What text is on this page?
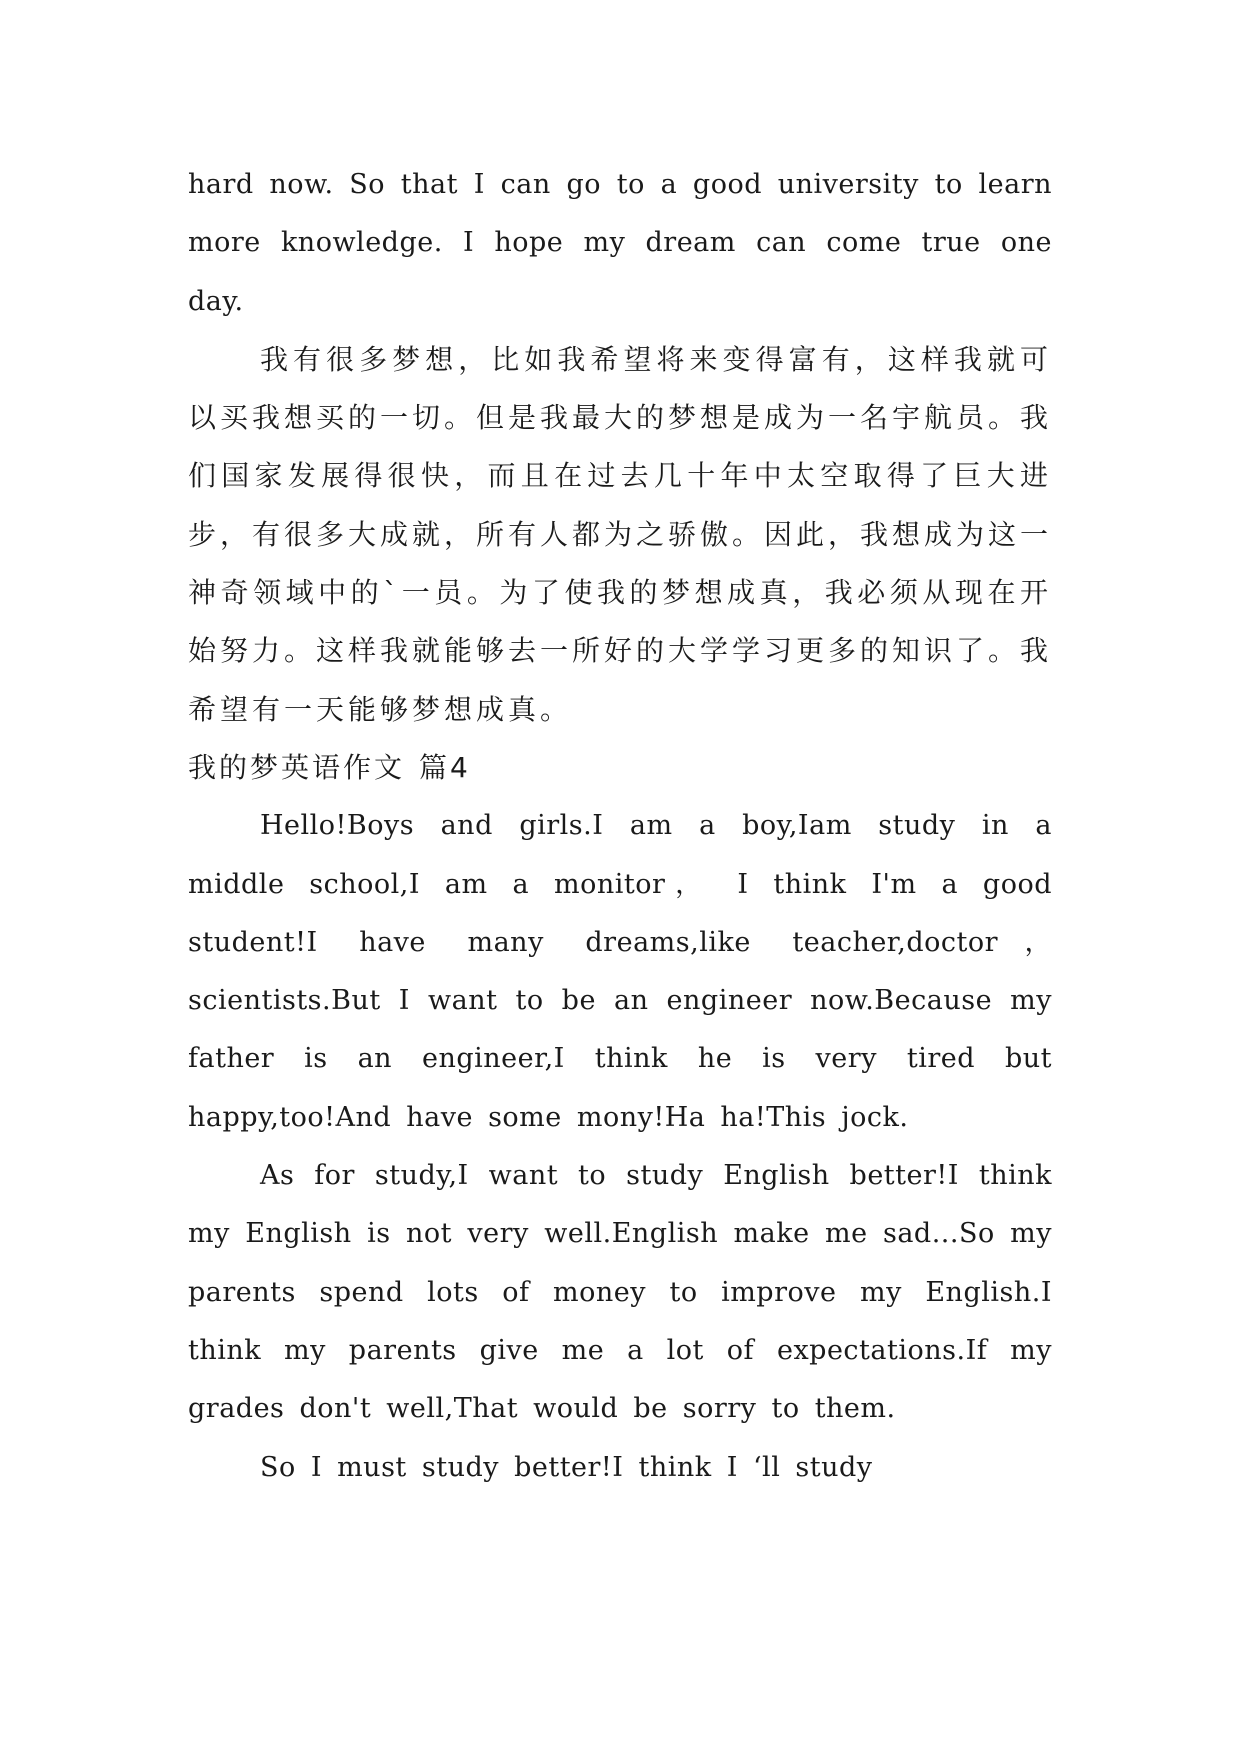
hard now. So that I can go to a good university to learn more knowledge. I hope my dream can come true one day.

我有很多梦想，比如我希望将来变得富有，这样我就可以买我想买的一切。但是我最大的梦想是成为一名宇航员。我们国家发展得很快，而且在过去几十年中太空取得了巨大进步，有很多大成就，所有人都为之骄傲。因此，我想成为这一神奇领域中的`一员。为了使我的梦想成真，我必须从现在开始努力。这样我就能够去一所好的大学学习更多的知识了。我希望有一天能够梦想成真。

我的梦英语作文 篇4

Hello!Boys and girls.I am a boy,Iam study in a middle school,I am a monitor， I think I'm a good student!I have many dreams,like teacher,doctor， scientists.But I want to be an engineer now.Because my father is an engineer,I think he is very tired but happy,too!And have some mony!Ha ha!This jock.

As for study,I want to study English better!I think my English is not very well.English make me sad...So my parents spend lots of money to improve my English.I think my parents give me a lot of expectations.If my grades don't well,That would be sorry to them.

So I must study better!I think I ‘ll study
